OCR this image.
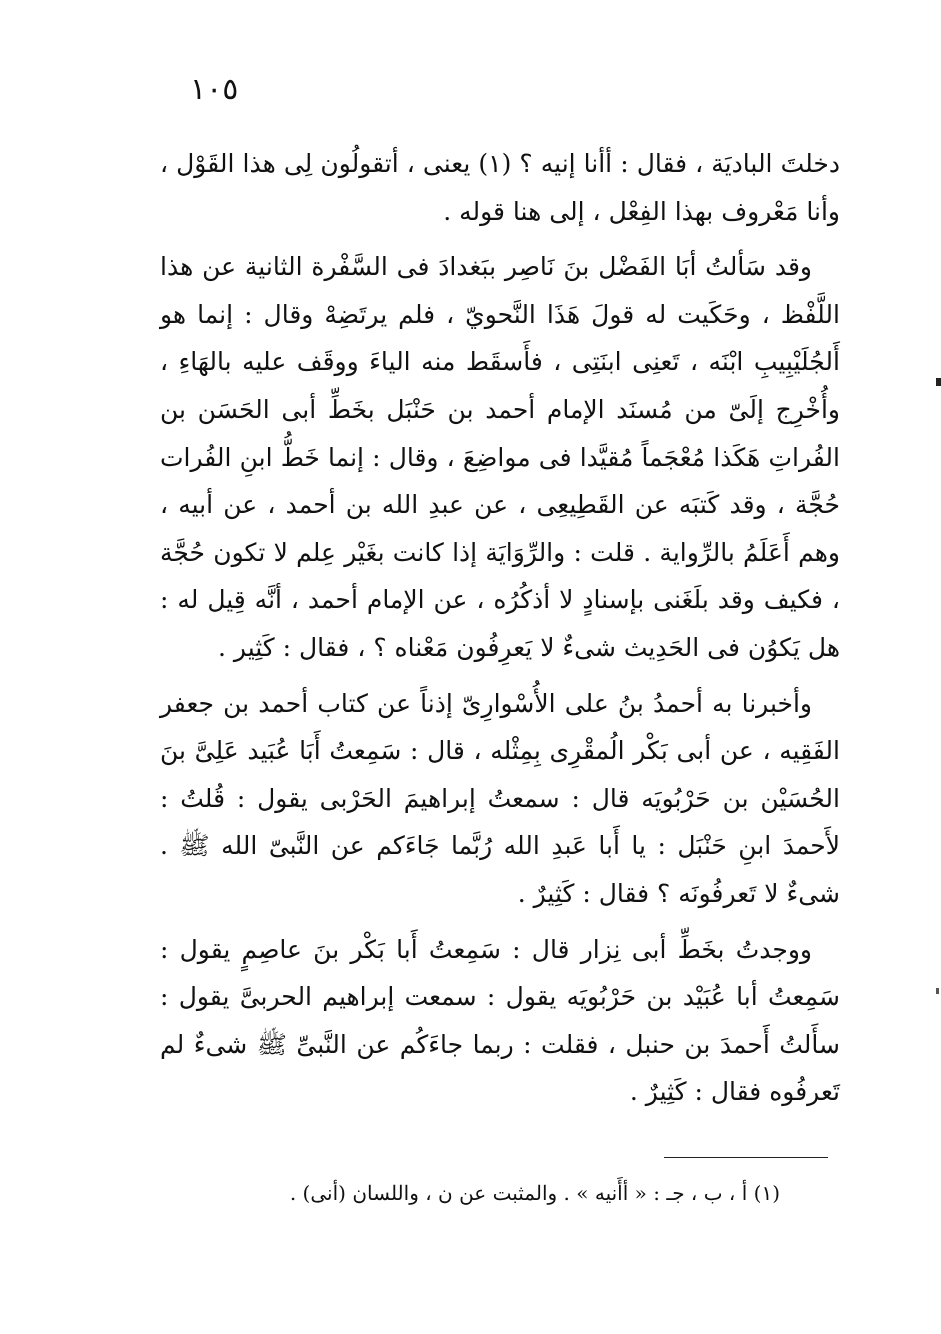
١٠٥

دخلتَ الباديَة ، فقال : أأنا إنيه ؟ (١) يعنى ، أتقولُون لِى هذا القَوْل ، وأنا مَعْروف بهذا الفِعْل ، إلى هنا قوله .

وقد سَألتُ أبَا الفَضْل بنَ نَاصِر ببَغدادَ فى السَّفْرة الثانية عن هذا اللَّفْظ ، وحَكَيت له قولَ هَذَا النَّحويّ ، فلم يرتَضِهْ وقال : إنما هو أَلجُلَيْبِيبِ ابْنَه ، تَعنِى ابنَتِى ، فأَسقَط منه الياءَ ووقَف عليه بالهَاءِ ، وأُخْرِج إلَىّ من مُسنَد الإمام أحمد بن حَنْبَل بخَطِّ أبى الحَسَن بن الفُراتِ هَكَذا مُعْجَماً مُقيَّدا فى مواضِعَ ، وقال : إنما خَطُّ ابنِ الفُرات حُجَّة ، وقد كَتبَه عن القَطِيعِى ، عن عبدِ الله بن أحمد ، عن أبيه ، وهم أَعَلَمُ بالرِّواية . قلت : والرِّوَايَة إذا كانت بغَيْر عِلم لا تكون حُجَّة ، فكيف وقد بلَغَنى بإسنادٍ لا أذكُرُه ، عن الإمام أحمد ، أنَّه قِيل له : هل يَكوُن فى الحَدِيث شىءٌ لا يَعرِفُون مَعْناه ؟ ، فقال : كَثِير .

وأخبرنا به أحمدُ بنُ على الأُسْوارِىّ إذناً عن كتاب أحمد بن جعفر الفَقِيه ، عن أبى بَكْر الُمقْرِى بِمِثْله ، قال : سَمِعتُ أَبَا عُبَيد عَلِىَّ بنَ الحُسَيْن بن حَرْبُويَه قال : سمعتُ إبراهيمَ الحَرْبى يقول : قُلتُ : لأَحمدَ ابنِ حَنْبَل : يا أَبا عَبدِ الله رُبَّما جَاءَكم عن النَّبىّ الله ﷺ . شىءٌ لا تَعرفُونَه ؟ فقال : كَثِيرٌ .

ووجدتُ بخَطِّ أبى نِزار قال : سَمِعتُ أَبا بَكْر بنَ عاصِمٍ يقول : سَمِعتُ أبا عُبَيْد بن حَرْبُويَه يقول : سمعت إبراهيم الحربىَّ يقول : سأَلتُ أَحمدَ بن حنبل ، فقلت : ربما جاءَكُم عن النَّبىِّ ﷺ شىءٌ لم تَعرفُوه فقال : كَثِيرٌ .

(١) أ ، ب ، جـ : « أأَنيه » . والمثبت عن ن ، واللسان (أنى) .
